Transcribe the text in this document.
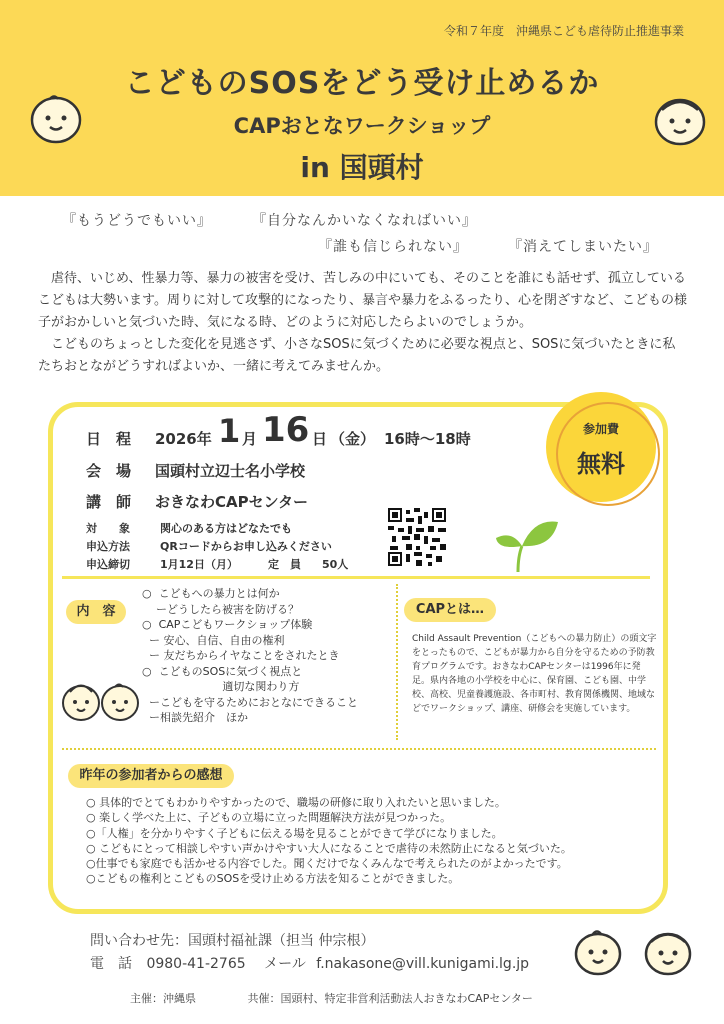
令和７年度　沖縄県こども虐待防止推進事業
こどものSOSをどう受け止めるか
CAPおとなワークショップ
in 国頭村
『もうどうでもいい』	『自分なんかいなくなればいい』
『誰も信じられない』	『消えてしまいたい』

虐待、いじめ、性暴力等、暴力の被害を受け、苦しみの中にいても、そのことを誰にも話せず、孤立しているこどもは大勢います。周りに対して攻撃的になったり、暴言や暴力をふるったり、心を閉ざすなど、こどもの様子がおかしいと気づいた時、気になる時、どのように対応したらよいのでしょうか。

こどものちょっとした変化を見逃さず、小さなSOSに気づくために必要な視点と、SOSに気づいたときに私たちおとながどうすればよいか、一緒に考えてみませんか。

日　程 2026年 1 月 16 日 （金） 16時〜18時
会　場 国頭村立辺士名小学校
講　師 おきなわCAPセンター
対　　象	関心のある方はどなたでも
申込方法	QRコードからお申し込みください
申込締切	1月12日（月）	定　員 50人
参加費
無料
内　容
○  こどもへの暴力とは何か
ーどうしたら被害を防げる？
○  CAPこどもワークショップ体験
ー 安心、自信、自由の権利
ー 友だちからイヤなことをされたとき
○  こどものSOSに気づく視点と
適切な関わり方
ーこどもを守るためにおとなにできること
ー相談先紹介　ほか
CAPとは…
Child Assault Prevention（こどもへの暴力防止）の頭文字をとったもので、こどもが暴力から自分を守るための予防教育プログラムです。おきなわCAPセンターは1996年に発足。県内各地の小学校を中心に、保育園、こども園、中学校、高校、児童養護施設、各市町村、教育関係機関、地域などでワークショップ、講座、研修会を実施しています。
昨年の参加者からの感想
○ 具体的でとてもわかりやすかったので、職場の研修に取り入れたいと思いました。
○ 楽しく学べた上に、子どもの立場に立った問題解決方法が見つかった。
○「人権」を分かりやすく子どもに伝える場を見ることができて学びになりました。
○ こどもにとって相談しやすい声かけやすい大人になることで虐待の未然防止になると気づいた。
○仕事でも家庭でも活かせる内容でした。聞くだけでなくみんなで考えられたのがよかったです。
○こどもの権利とこどものSOSを受け止める方法を知ることができました。
問い合わせ先：国頭村福祉課（担当 仲宗根）
電　話 0980-41-2765 メール f.nakasone@vill.kunigami.lg.jp
主催：沖縄県	共催：国頭村、特定非営利活動法人おきなわCAPセンター
